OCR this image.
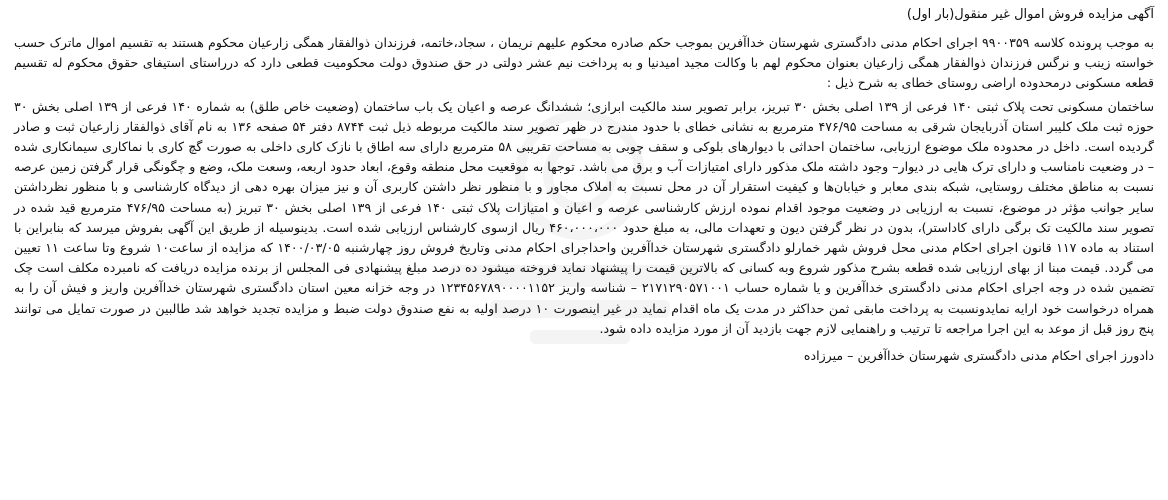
آگهی مزایده فروش اموال غیر منقول(بار اول)

به موجب پرونده کلاسه ۹۹۰۰۳۵۹ اجرای احکام مدنی دادگستری شهرستان خداآفرین بموجب حکم صادره محکوم علیهم نریمان ، سجاد،خاتمه، فرزندان ذوالفقار همگی زارعیان محکوم هستند به تقسیم اموال ماترک حسب خواسته زینب و نرگس فرزندان ذوالفقار همگی زارعیان بعنوان محکوم لهم با وکالت مجید امیدنیا و به پرداخت نیم عشر دولتی در حق صندوق دولت محکومیت قطعی دارد که درراستای استیفای حقوق محکوم له تقسیم قطعه مسکونی درمحدوده اراضی روستای خطای به شرح ذیل :

ساختمان مسکونی تحت پلاک ثبتی ۱۴۰ فرعی از ۱۳۹ اصلی بخش ۳۰ تبریز، برابر تصویر سند مالکیت ابرازی؛ ششدانگ عرصه و اعیان یک باب ساختمان (وضعیت خاص طلق) به شماره ۱۴۰ فرعی از ۱۳۹ اصلی بخش ۳۰ حوزه ثبت ملک کلیبر استان آذربایجان شرقی به مساحت ۴۷۶/۹۵ مترمربع به نشانی خطای با حدود مندرج در ظهر تصویر سند مالکیت مربوطه ذیل ثبت ۸۷۴۴ دفتر ۵۴ صفحه ۱۳۶ به نام آقای ذوالفقار زارعیان ثبت و صادر گردیده است. داخل در محدوده ملک موضوع ارزیابی، ساختمان احداثی با دیوارهای بلوکی و سقف چوبی به مساحت تقریبی ۵۸ مترمربع دارای سه اطاق با نازک کاری داخلی به صورت گچ کاری با نماکاری سیمانکاری شده – در وضعیت نامناسب و دارای ترک هایی در دیوار– وجود داشته ملک مذکور دارای امتیازات آب و برق می باشد. توجها به موقعیت محل منطقه وقوع، ابعاد حدود اربعه، وسعت ملک، وضع و چگونگی قرار گرفتن زمین عرصه نسبت به مناطق مختلف روستایی، شبکه بندی معابر و خیابان‌ها و کیفیت استقرار آن در محل نسبت به املاک مجاور و با منظور نظر داشتن کاربری آن و نیز میزان بهره دهی از دیدگاه کارشناسی و با منظور نظرداشتن سایر جوانب مؤثر در موضوع، نسبت به ارزیابی در وضعیت موجود اقدام نموده ارزش کارشناسی عرصه و اعیان و امتیازات پلاک ثبتی ۱۴۰ فرعی از ۱۳۹ اصلی بخش ۳۰ تبریز (به مساحت ۴۷۶/۹۵ مترمربع قید شده در تصویر سند مالکیت تک برگی دارای کاداستر)، بدون در نظر گرفتن دیون و تعهدات مالی، به مبلغ حدود ۴۶۰،۰۰۰،۰۰۰ ریال ازسوی کارشناس ارزیابی شده است. بدینوسیله از طریق این آگهی بفروش میرسد که بنابراین با استناد به ماده ۱۱۷ قانون اجرای احکام مدنی محل فروش شهر خمارلو دادگستری شهرستان خداآفرین واحداجرای احکام مدنی وتاریخ فروش روز چهارشنبه ۱۴۰۰/۰۳/۰۵ که مزایده از ساعت۱۰ شروع وتا ساعت ۱۱ تعیین می گردد. قیمت مبنا از بهای ارزیابی شده قطعه بشرح مذکور شروع وبه کسانی که بالاترین قیمت را پیشنهاد نماید فروخته میشود ده درصد مبلغ پیشنهادی فی المجلس از برنده مزایده دریافت که نامبرده مکلف است چک تضمین شده در وجه اجرای احکام مدنی دادگستری خداآفرین و یا شماره حساب ۲۱۷۱۲۹۰۵۷۱۰۰۱ – شناسه واریز ۱۲۳۴۵۶۷۸۹۰۰۰۰۱۱۵۲ در وجه خزانه معین استان دادگستری شهرستان خداآفرین واریز و فیش آن را به همراه درخواست خود ارایه نمایدونسبت به پرداخت مابقی ثمن حداکثر در مدت یک ماه اقدام نماید در غیر اینصورت ۱۰ درصد اولیه به نفع صندوق دولت ضبط و مزایده تجدید خواهد شد طالبین در صورت تمایل می توانند پنج روز قبل از موعد به این اجرا مراجعه تا ترتیب و راهنمایی لازم جهت بازدید آن از مورد مزایده داده شود.

دادورز اجرای احکام مدنی دادگستری شهرستان خداآفرین – میرزاده
